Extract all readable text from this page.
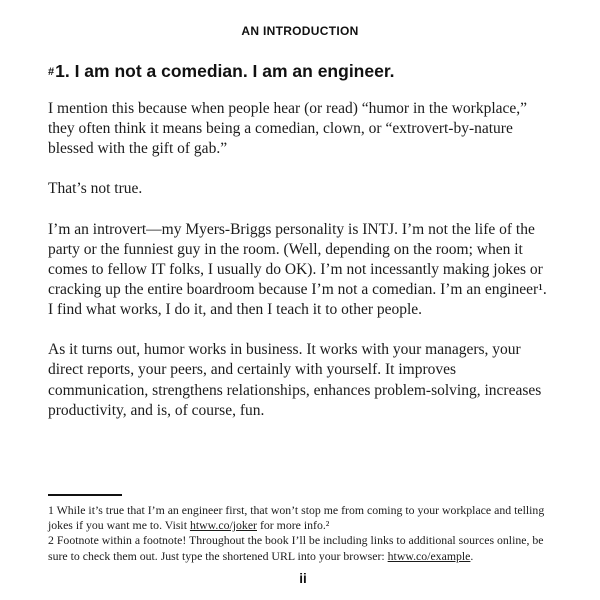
AN INTRODUCTION
#1. I am not a comedian. I am an engineer.

I mention this because when people hear (or read) “humor in the workplace,” they often think it means being a comedian, clown, or “extrovert-by-nature blessed with the gift of gab.”

That’s not true.

I’m an introvert—my Myers-Briggs personality is INTJ. I’m not the life of the party or the funniest guy in the room. (Well, depending on the room; when it comes to fellow IT folks, I usually do OK). I’m not incessantly making jokes or cracking up the entire boardroom because I’m not a comedian. I’m an engineer¹. I find what works, I do it, and then I teach it to other people.

As it turns out, humor works in business. It works with your managers, your direct reports, your peers, and certainly with yourself. It improves communication, strengthens relationships, enhances problem-solving, increases productivity, and is, of course, fun.

1 While it’s true that I’m an engineer first, that won’t stop me from coming to your workplace and telling jokes if you want me to. Visit htww.co/joker for more info.²

2 Footnote within a footnote! Throughout the book I’ll be including links to additional sources online, be sure to check them out. Just type the shortened URL into your browser: htww.co/example.

ii
